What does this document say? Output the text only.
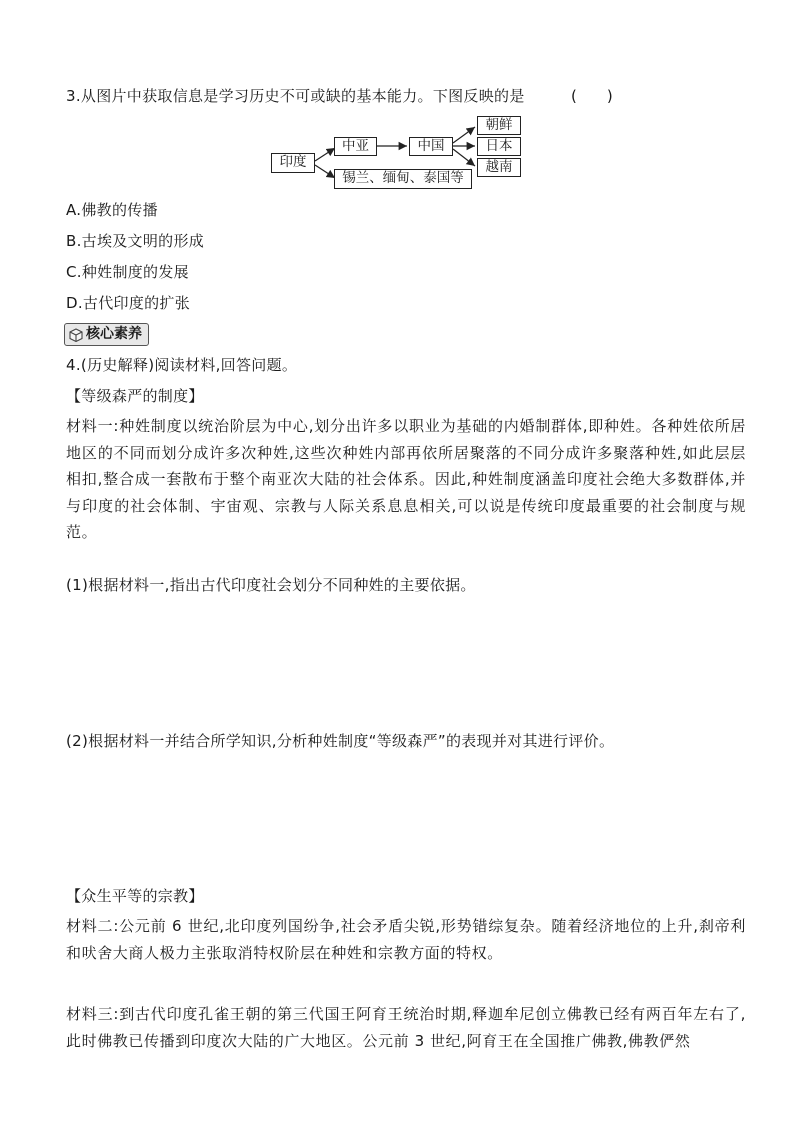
3.从图片中获取信息是学习历史不可或缺的基本能力。下图反映的是	(　　)
印度
中亚	中国
朝鲜
日本
越南
锡兰、缅甸、泰国等
A.佛教的传播
B.古埃及文明的形成
C.种姓制度的发展
D.古代印度的扩张
核心素养
4.(历史解释)阅读材料,回答问题。
【等级森严的制度】
材料一:种姓制度以统治阶层为中心,划分出许多以职业为基础的内婚制群体,即种姓。各种姓依所居地区的不同而划分成许多次种姓,这些次种姓内部再依所居聚落的不同分成许多聚落种姓,如此层层相扣,整合成一套散布于整个南亚次大陆的社会体系。因此,种姓制度涵盖印度社会绝大多数群体,并与印度的社会体制、宇宙观、宗教与人际关系息息相关,可以说是传统印度最重要的社会制度与规范。
(1)根据材料一,指出古代印度社会划分不同种姓的主要依据。
(2)根据材料一并结合所学知识,分析种姓制度“等级森严”的表现并对其进行评价。
【众生平等的宗教】
材料二:公元前 6 世纪,北印度列国纷争,社会矛盾尖锐,形势错综复杂。随着经济地位的上升,刹帝利和吠舍大商人极力主张取消特权阶层在种姓和宗教方面的特权。
材料三:到古代印度孔雀王朝的第三代国王阿育王统治时期,释迦牟尼创立佛教已经有两百年左右了,此时佛教已传播到印度次大陆的广大地区。公元前 3 世纪,阿育王在全国推广佛教,佛教俨然
